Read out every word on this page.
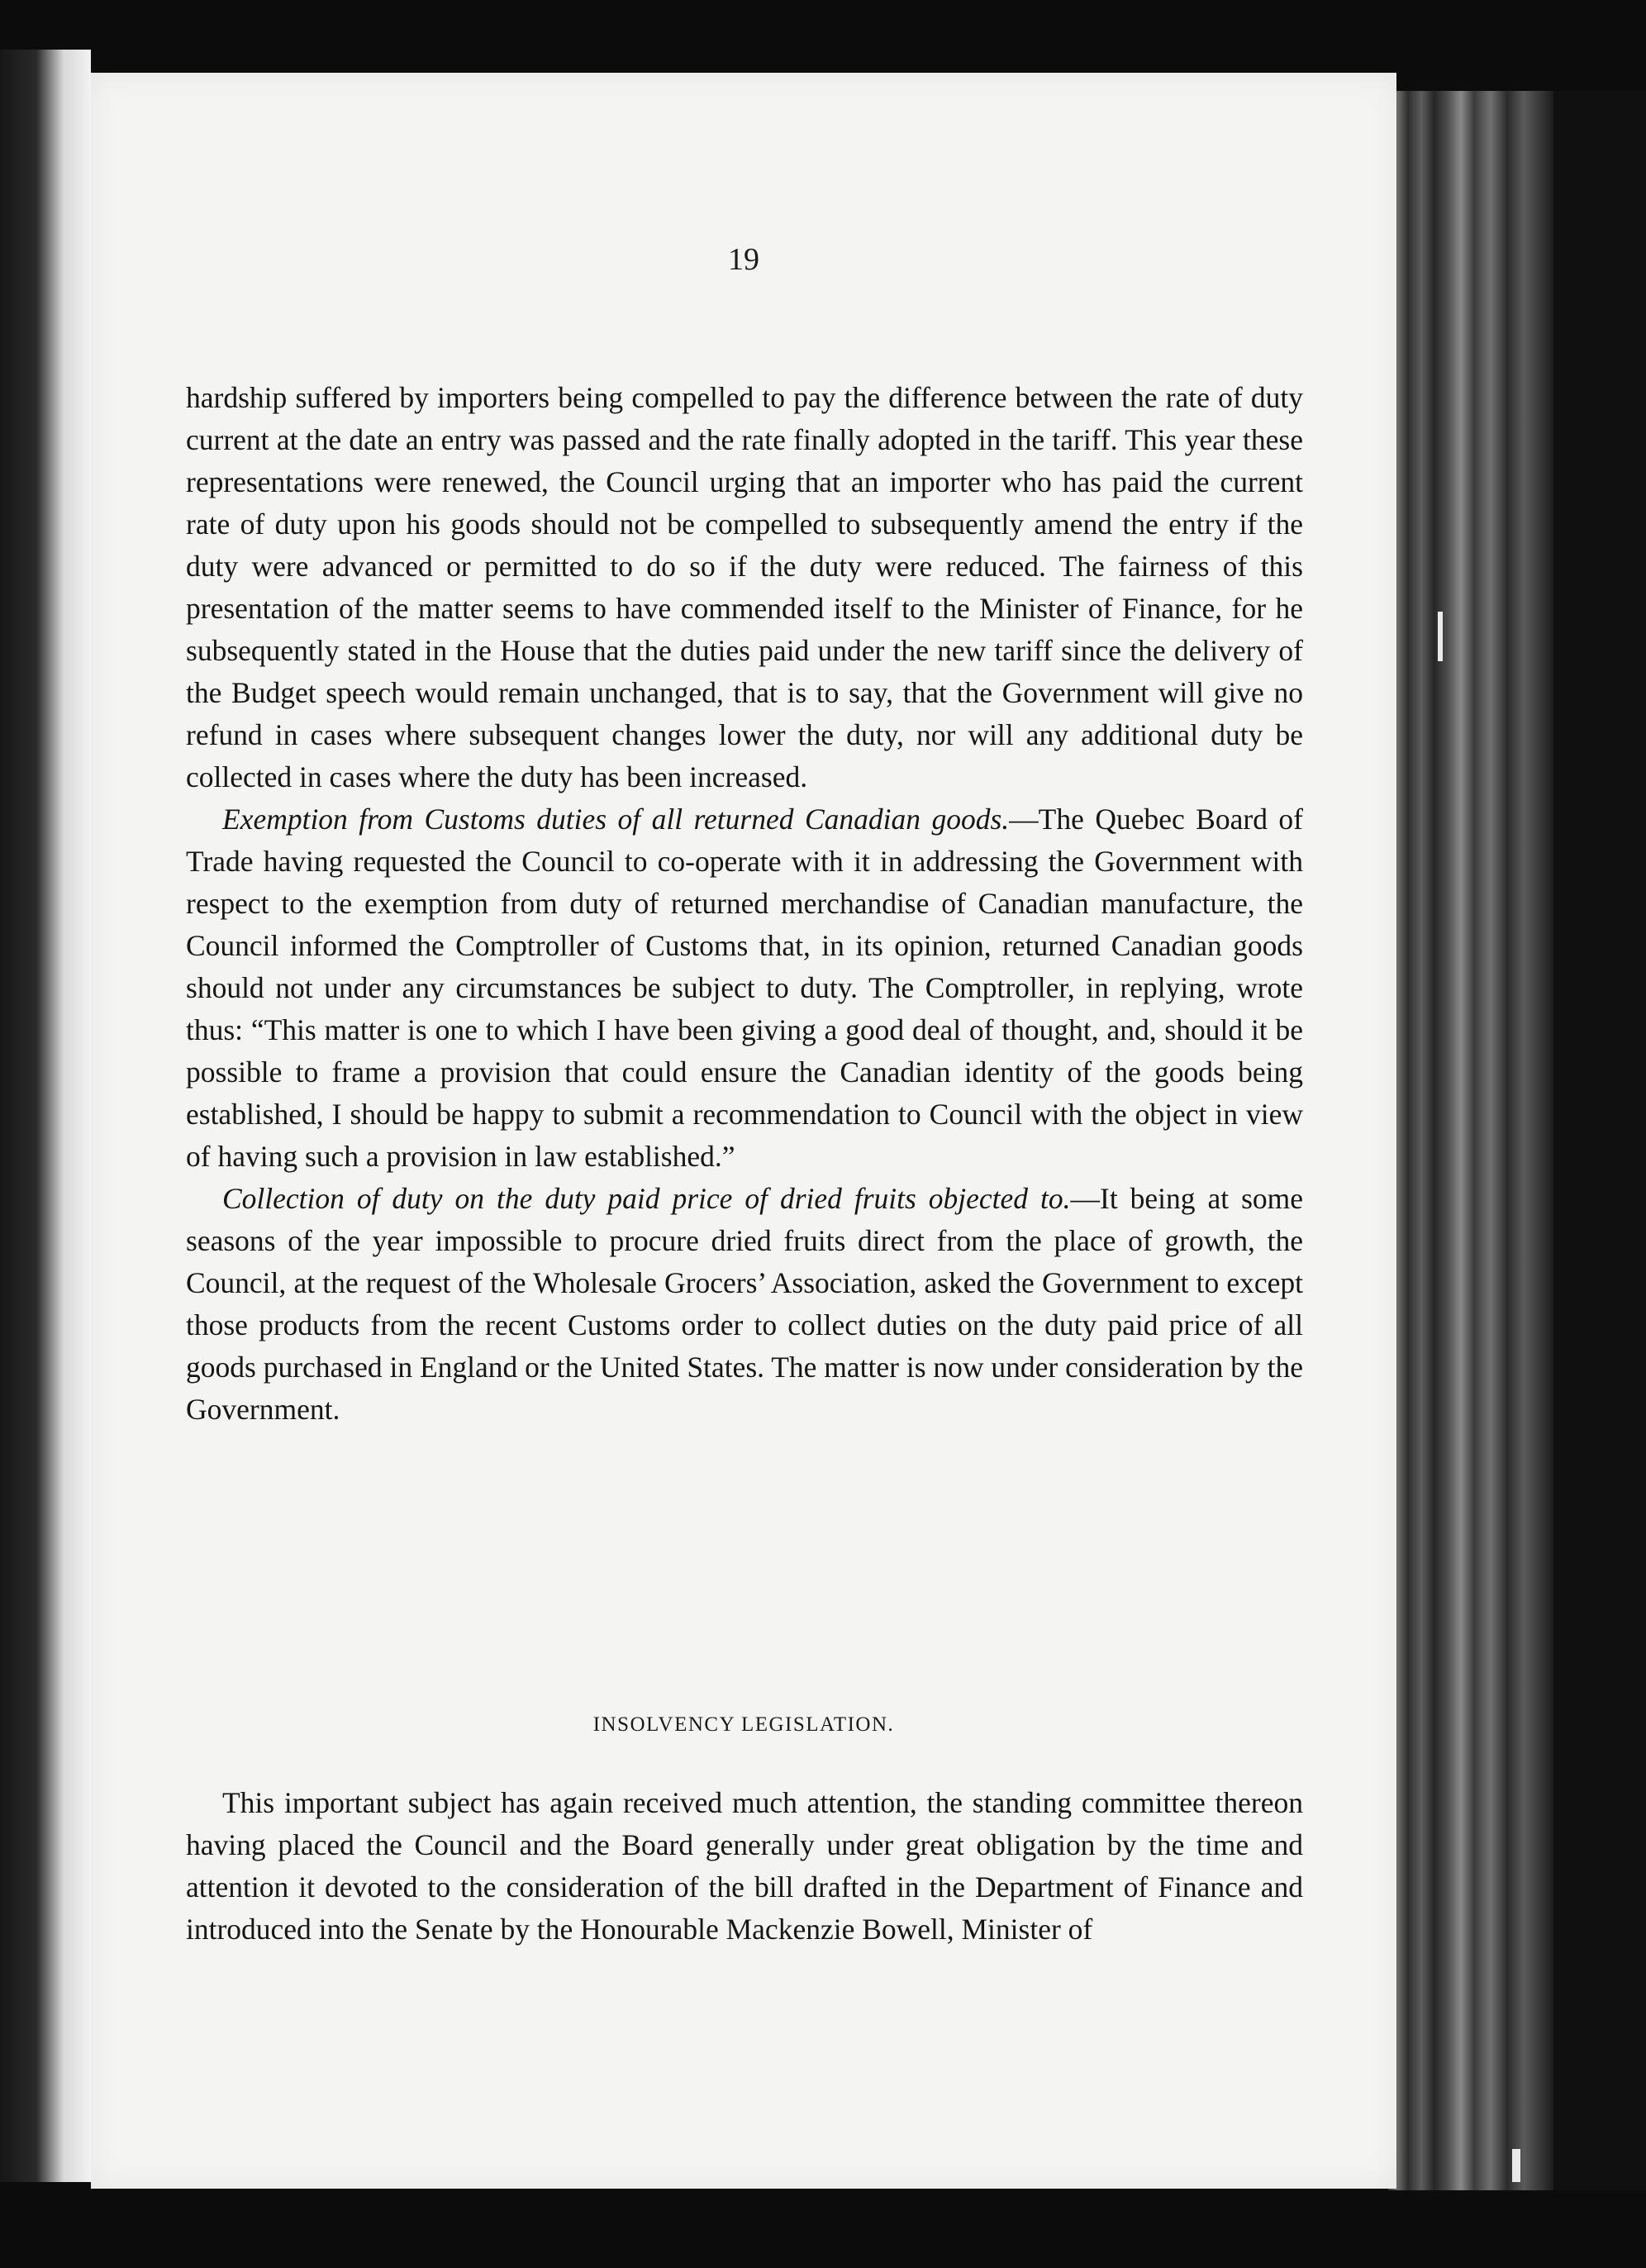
19

hardship suffered by importers being compelled to pay the difference between the rate of duty current at the date an entry was passed and the rate finally adopted in the tariff. This year these representations were renewed, the Council urging that an importer who has paid the current rate of duty upon his goods should not be compelled to subsequently amend the entry if the duty were advanced or permitted to do so if the duty were reduced. The fairness of this presentation of the matter seems to have commended itself to the Minister of Finance, for he subsequently stated in the House that the duties paid under the new tariff since the delivery of the Budget speech would remain unchanged, that is to say, that the Government will give no refund in cases where subsequent changes lower the duty, nor will any additional duty be collected in cases where the duty has been increased.

Exemption from Customs duties of all returned Canadian goods.—The Quebec Board of Trade having requested the Council to co-operate with it in addressing the Government with respect to the exemption from duty of returned merchandise of Canadian manufacture, the Council informed the Comptroller of Customs that, in its opinion, returned Canadian goods should not under any circumstances be subject to duty. The Comptroller, in replying, wrote thus: “This matter is one to which I have been giving a good deal of thought, and, should it be possible to frame a provision that could ensure the Canadian identity of the goods being established, I should be happy to submit a recommendation to Council with the object in view of having such a provision in law established.”

Collection of duty on the duty paid price of dried fruits objected to.—It being at some seasons of the year impossible to procure dried fruits direct from the place of growth, the Council, at the request of the Wholesale Grocers’ Association, asked the Government to except those products from the recent Customs order to collect duties on the duty paid price of all goods purchased in England or the United States. The matter is now under consideration by the Government.

INSOLVENCY LEGISLATION.

This important subject has again received much attention, the standing committee thereon having placed the Council and the Board generally under great obligation by the time and attention it devoted to the consideration of the bill drafted in the Department of Finance and introduced into the Senate by the Honourable Mackenzie Bowell, Minister of
